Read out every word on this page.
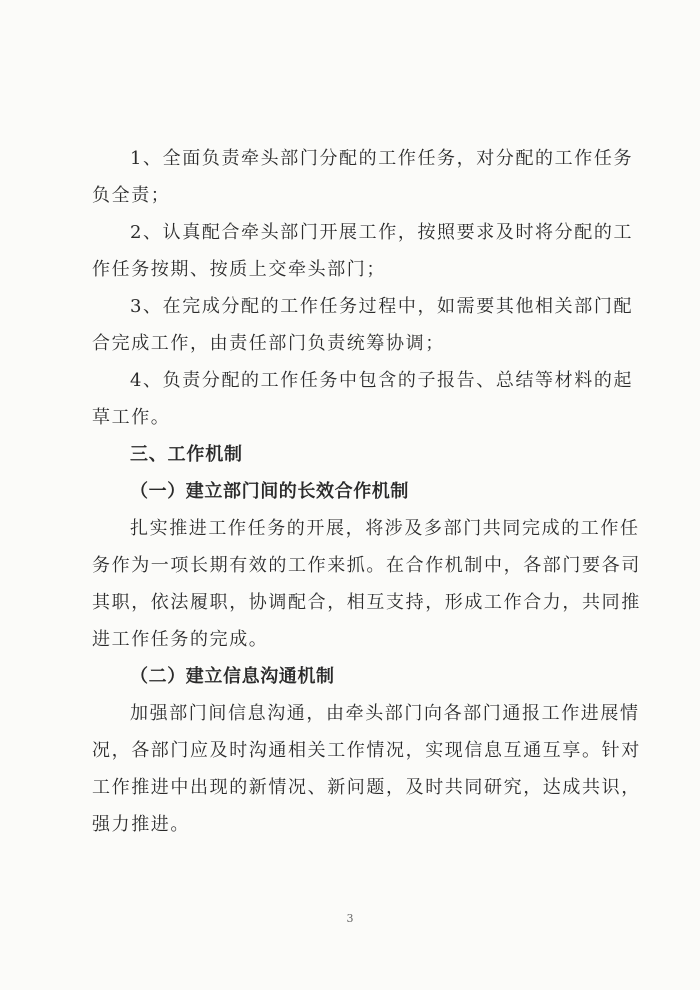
1、全面负责牵头部门分配的工作任务，对分配的工作任务
负全责；
2、认真配合牵头部门开展工作，按照要求及时将分配的工
作任务按期、按质上交牵头部门；
3、在完成分配的工作任务过程中，如需要其他相关部门配
合完成工作，由责任部门负责统筹协调；
4、负责分配的工作任务中包含的子报告、总结等材料的起
草工作。
三、工作机制
（一）建立部门间的长效合作机制
扎实推进工作任务的开展，将涉及多部门共同完成的工作任
务作为一项长期有效的工作来抓。在合作机制中，各部门要各司
其职，依法履职，协调配合，相互支持，形成工作合力，共同推
进工作任务的完成。
（二）建立信息沟通机制
加强部门间信息沟通，由牵头部门向各部门通报工作进展情
况，各部门应及时沟通相关工作情况，实现信息互通互享。针对
工作推进中出现的新情况、新问题，及时共同研究，达成共识，
强力推进。
3
